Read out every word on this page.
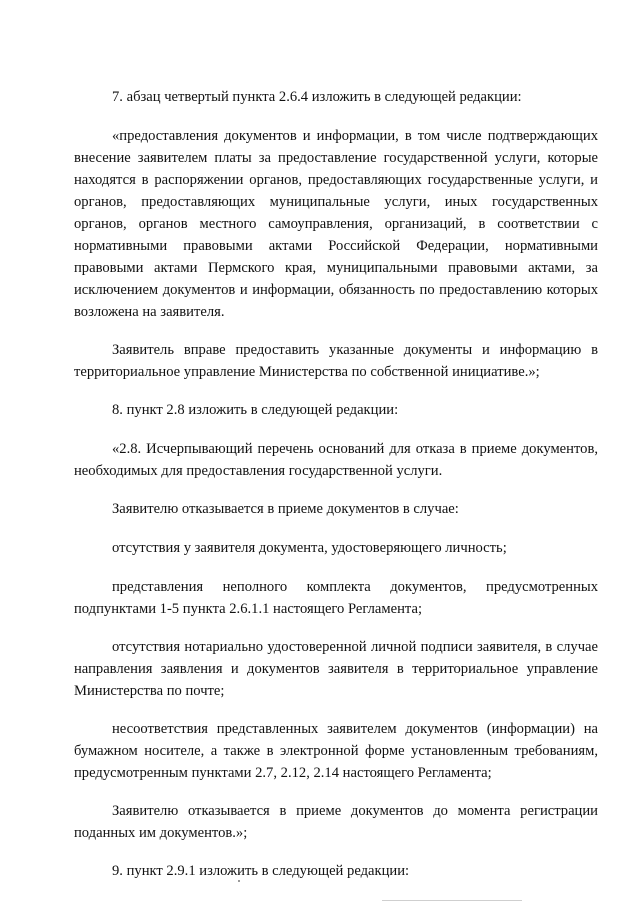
7. абзац четвертый пункта 2.6.4 изложить в следующей редакции:

«предоставления документов и информации, в том числе подтверждающих внесение заявителем платы за предоставление государственной услуги, которые находятся в распоряжении органов, предоставляющих государственные услуги, и органов, предоставляющих муниципальные услуги, иных государственных органов, органов местного самоуправления, организаций, в соответствии с нормативными правовыми актами Российской Федерации, нормативными правовыми актами Пермского края, муниципальными правовыми актами, за исключением документов и информации, обязанность по предоставлению которых возложена на заявителя.

Заявитель вправе предоставить указанные документы и информацию в территориальное управление Министерства по собственной инициативе.»;

8. пункт 2.8 изложить в следующей редакции:

«2.8. Исчерпывающий перечень оснований для отказа в приеме документов, необходимых для предоставления государственной услуги.

Заявителю отказывается в приеме документов в случае:

отсутствия у заявителя документа, удостоверяющего личность;

представления неполного комплекта документов, предусмотренных подпунктами 1-5 пункта 2.6.1.1 настоящего Регламента;

отсутствия нотариально удостоверенной личной подписи заявителя, в случае направления заявления и документов заявителя в территориальное управление Министерства по почте;

несоответствия представленных заявителем документов (информации) на бумажном носителе, а также в электронной форме установленным требованиям, предусмотренным пунктами 2.7, 2.12, 2.14 настоящего Регламента;

Заявителю отказывается в приеме документов до момента регистрации поданных им документов.»;

9. пункт 2.9.1 изложить в следующей редакции:
